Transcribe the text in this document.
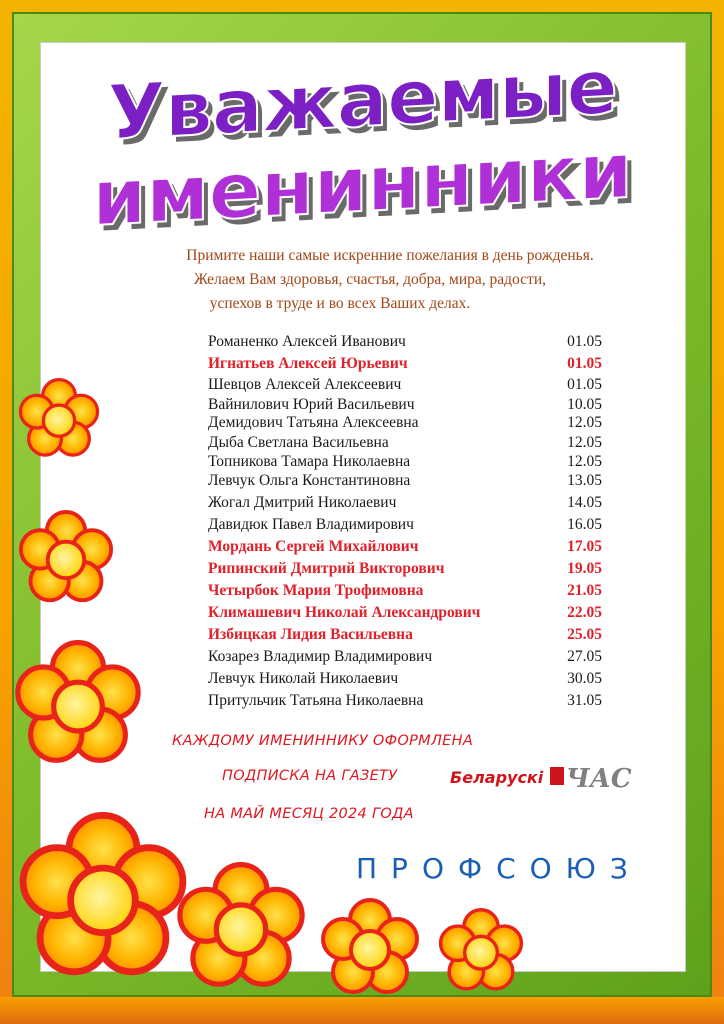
Уважаемые
именинники

Примите наши самые искренние пожелания в день рожденья.

Желаем Вам здоровья, счастья, добра, мира, радости,

успехов в труде и во всех Ваших делах.

Романенко Алексей Иванович	01.05
Игнатьев Алексей Юрьевич	01.05
Шевцов Алексей Алексеевич	01.05
Вайнилович Юрий Васильевич	10.05
Демидович Татьяна Алексеевна	12.05
Дыба Светлана Васильевна	12.05
Топникова Тамара Николаевна	12.05
Левчук Ольга Константиновна	13.05
Жогал Дмитрий Николаевич	14.05
Давидюк Павел Владимирович	16.05
Мордань Сергей Михайлович	17.05
Рипинский Дмитрий Викторович	19.05
Четырбок Мария Трофимовна	21.05
Климашевич Николай Александрович	22.05
Избицкая Лидия Васильевна	25.05
Козарез Владимир Владимирович	27.05
Левчук Николай Николаевич	30.05
Притульчик Татьяна Николаевна	31.05

КАЖДОМУ ИМЕНИННИКУ ОФОРМЛЕНА

ПОДПИСКА НА ГАЗЕТУ

НА МАЙ МЕСЯЦ 2024 ГОДА

Беларускі ЧАС

ПРОФСОЮЗ
